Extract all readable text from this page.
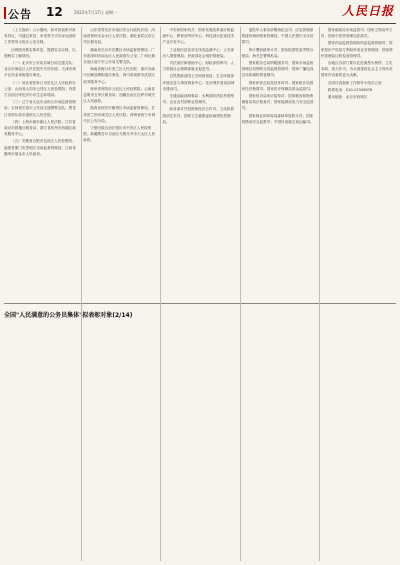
公告 12	2022年7月17日 星期一	人民日报
全国"人民满意的公务员集体"拟表彰对象(2/14)

（上文续前）公示期间，如对拟表彰对象有异议，可通过来信、来电等方式向评选表彰工作领导小组办公室反映。

反映情况要实事求是，提倡实名反映，以便核实了解情况。

（一）北京市公安局东城分局交通支队；北京市海淀区人民法院中关村法庭；天津市和平区劝业场街道办事处。

（二）河北省张家口市崇礼区人民政府办公室；山西省大同市云冈区人民检察院；内蒙古自治区呼伦贝尔市生态环境局。

（三）辽宁省大连市金州区市场监督管理局；吉林省长春市公安局交通警察支队；黑龙江省哈尔滨市道里区人民法院。

（四）上海市浦东新区人民法院；江苏省南京市鼓楼区税务局；浙江省杭州市西湖区政务服务中心。

（五）安徽省合肥市包河区人民检察院；福建省厦门市思明区市场监督管理局；江西省赣州市瑞金市人民政府。

山东省青岛市市南区综合行政执法局；河南省郑州市金水区人民法院；湖北省武汉市江岸区税务局。

湖南省长沙市岳麓区市场监督管理局；广东省深圳市南山区人民政府办公室；广西壮族自治区南宁市公安局交警支队。

海南省海口市美兰区人民法院；重庆市渝中区解放碑街道办事处；四川省成都市武侯区政务服务中心。

贵州省贵阳市云岩区人民检察院；云南省昆明市五华区税务局；西藏自治区拉萨市城关区人民政府。

陕西省西安市雁塔区市场监督管理局；甘肃省兰州市城关区人民法院；青海省西宁市城中区公安分局。

宁夏回族自治区银川市兴庆区人民检察院；新疆维吾尔自治区乌鲁木齐市天山区人民政府。

中央和国家机关：国家发展改革委价格监测中心；教育部考试中心；科技部火炬高技术产业开发中心。

工业和信息化部无线电监测中心；公安部出入境管理局；民政部社会组织管理局。

司法部法律援助中心；财政部国库司；人力资源社会保障部就业促进司。

自然资源部国土空间规划局；生态环境部环境应急与事故调查中心；住房城乡建设部城市建设司。

交通运输部海事局；水利部防汛抗旱督察司；农业农村部种业管理司。

商务部对外投资和经济合作司；文化和旅游部艺术司；国家卫生健康委疾病预防控制局。

退役军人事务部褒扬纪念司；应急管理部救援协调和预案管理局；中国人民银行支付结算司。

审计署财政审计司；国务院国资委考核分配局；海关总署缉私局。

国家税务总局纳税服务司；国家市场监督管理总局网络交易监督管理司；国家广播电视总局传媒机构管理司。

国家体育总局竞技体育司；国家统计局国民经济核算司；国家医疗保障局基金监管司。

国家信访局来访接待司；国家粮食和物资储备局执法督查司；国家能源局电力安全监管司。

国家林业和草原局森林草原防火司；国家铁路局安全监察司；中国民用航空局运输司。

国家邮政局市场监管司；国家文物局考古司；国家中医药管理局医政司。

国家药品监督管理局药品监督管理司；国家知识产权局专利局审查业务管理部；国家移民管理局边防检查管理司。

各地区各部门要以先进典型为榜样，立足本职、担当作为，为全面建设社会主义现代化国家作出新的更大贡献。

全国评选表彰工作领导小组办公室

联系电话：010-12345678

通讯地址：北京市西城区
